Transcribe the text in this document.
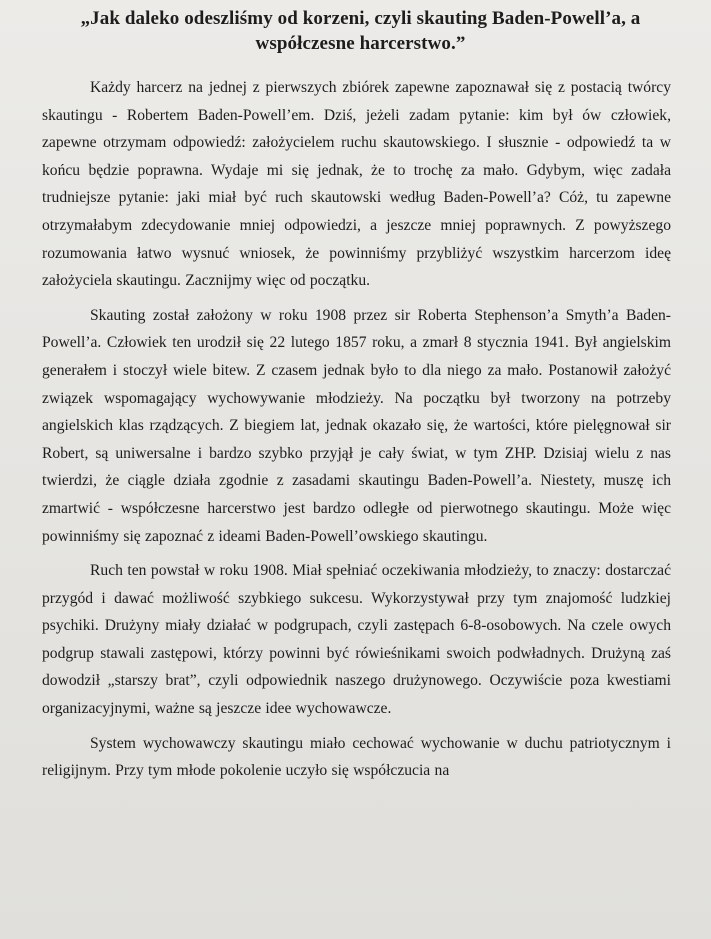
„Jak daleko odeszliśmy od korzeni, czyli skauting Baden-Powell’a, a współczesne harcerstwo.”

Każdy harcerz na jednej z pierwszych zbiórek zapewne zapoznawał się z postacią twórcy skautingu - Robertem Baden-Powell’em. Dziś, jeżeli zadam pytanie: kim był ów człowiek, zapewne otrzymam odpowiedź: założycielem ruchu skautowskiego. I słusznie - odpowiedź ta w końcu będzie poprawna. Wydaje mi się jednak, że to trochę za mało. Gdybym, więc zadała trudniejsze pytanie: jaki miał być ruch skautowski według Baden-Powell’a? Cóż, tu zapewne otrzymałabym zdecydowanie mniej odpowiedzi, a jeszcze mniej poprawnych. Z powyższego rozumowania łatwo wysnuć wniosek, że powinniśmy przybliżyć wszystkim harcerzom ideę założyciela skautingu. Zacznijmy więc od początku.

Skauting został założony w roku 1908 przez sir Roberta Stephenson’a Smyth’a Baden-Powell’a. Człowiek ten urodził się 22 lutego 1857 roku, a zmarł 8 stycznia 1941. Był angielskim generałem i stoczył wiele bitew. Z czasem jednak było to dla niego za mało. Postanowił założyć związek wspomagający wychowywanie młodzieży. Na początku był tworzony na potrzeby angielskich klas rządzących. Z biegiem lat, jednak okazało się, że wartości, które pielęgnował sir Robert, są uniwersalne i bardzo szybko przyjął je cały świat, w tym ZHP. Dzisiaj wielu z nas twierdzi, że ciągle działa zgodnie z zasadami skautingu Baden-Powell’a. Niestety, muszę ich zmartwić - współczesne harcerstwo jest bardzo odległe od pierwotnego skautingu. Może więc powinniśmy się zapoznać z ideami Baden-Powell’owskiego skautingu.

Ruch ten powstał w roku 1908. Miał spełniać oczekiwania młodzieży, to znaczy: dostarczać przygód i dawać możliwość szybkiego sukcesu. Wykorzystywał przy tym znajomość ludzkiej psychiki. Drużyny miały działać w podgrupach, czyli zastępach 6-8-osobowych. Na czele owych podgrup stawali zastępowi, którzy powinni być rówieśnikami swoich podwładnych. Drużyną zaś dowodził „starszy brat”, czyli odpowiednik naszego drużynowego. Oczywiście poza kwestiami organizacyjnymi, ważne są jeszcze idee wychowawcze.

System wychowawczy skautingu miało cechować wychowanie w duchu patriotycznym i religijnym. Przy tym młode pokolenie uczyło się współczucia na
